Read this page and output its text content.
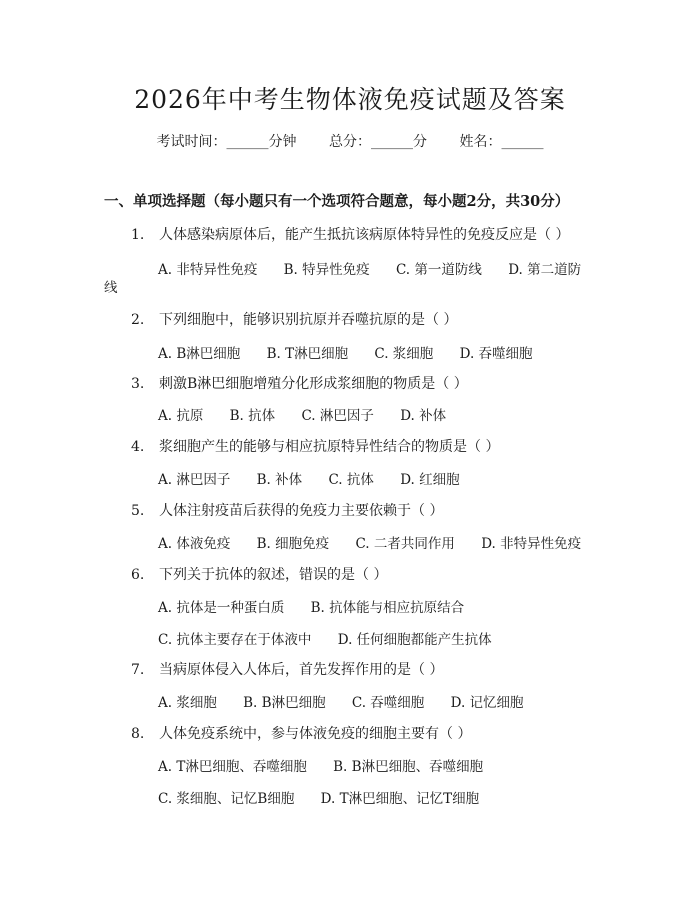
2026年中考生物体液免疫试题及答案
考试时间：______分钟 总分：______分 姓名：______
一、单项选择题（每小题只有一个选项符合题意，每小题2分，共30分）
1. 人体感染病原体后，能产生抵抗该病原体特异性的免疫反应是（ ）
A. 非特异性免疫 B. 特异性免疫 C. 第一道防线 D. 第二道防
线
2. 下列细胞中，能够识别抗原并吞噬抗原的是（ ）
A. B淋巴细胞 B. T淋巴细胞 C. 浆细胞 D. 吞噬细胞
3. 刺激B淋巴细胞增殖分化形成浆细胞的物质是（ ）
A. 抗原 B. 抗体 C. 淋巴因子 D. 补体
4. 浆细胞产生的能够与相应抗原特异性结合的物质是（ ）
A. 淋巴因子 B. 补体 C. 抗体 D. 红细胞
5. 人体注射疫苗后获得的免疫力主要依赖于（ ）
A. 体液免疫 B. 细胞免疫 C. 二者共同作用 D. 非特异性免疫
6. 下列关于抗体的叙述，错误的是（ ）
A. 抗体是一种蛋白质 B. 抗体能与相应抗原结合
C. 抗体主要存在于体液中 D. 任何细胞都能产生抗体
7. 当病原体侵入人体后，首先发挥作用的是（ ）
A. 浆细胞 B. B淋巴细胞 C. 吞噬细胞 D. 记忆细胞
8. 人体免疫系统中，参与体液免疫的细胞主要有（ ）
A. T淋巴细胞、吞噬细胞 B. B淋巴细胞、吞噬细胞
C. 浆细胞、记忆B细胞 D. T淋巴细胞、记忆T细胞
